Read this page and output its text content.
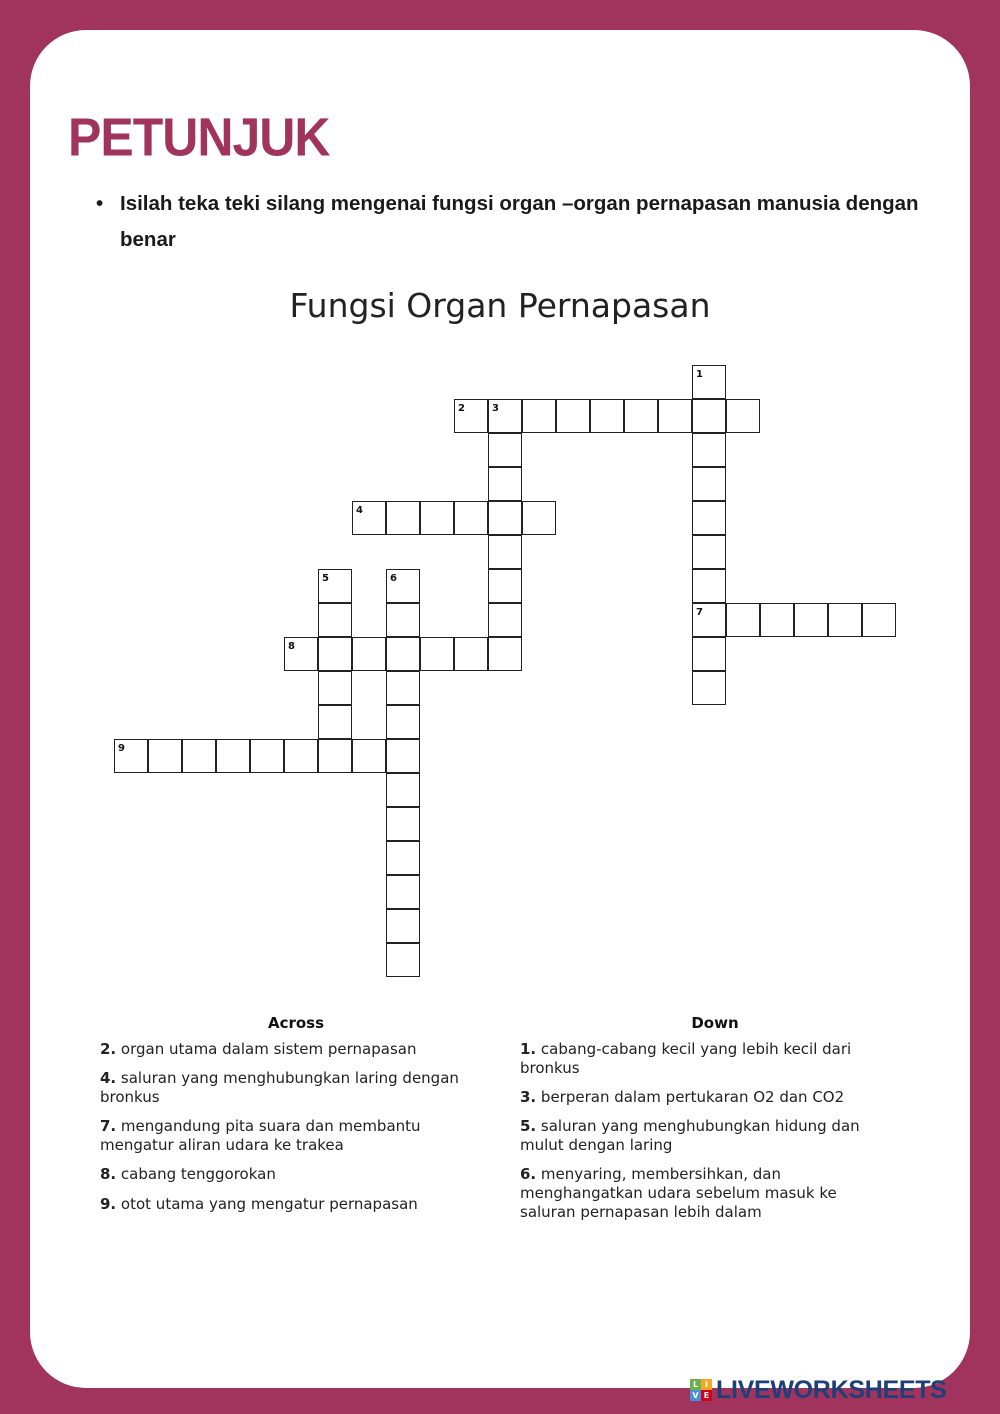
PETUNJUK
• Isilah teka teki silang mengenai fungsi organ –organ pernapasan manusia dengan benar
Fungsi Organ Pernapasan
1
7
2	3
4
5	6
8
9
Across	Down
2. organ utama dalam sistem pernapasan
4. saluran yang menghubungkan laring dengan bronkus
7. mengandung pita suara dan membantu mengatur aliran udara ke trakea
8. cabang tenggorokan
9. otot utama yang mengatur pernapasan
1. cabang-cabang kecil yang lebih kecil dari bronkus
3. berperan dalam pertukaran O2 dan CO2
5. saluran yang menghubungkan hidung dan mulut dengan laring
6. menyaring, membersihkan, dan menghangatkan udara sebelum masuk ke saluran pernapasan lebih dalam
L I
V E LIVEWORKSHEETS
